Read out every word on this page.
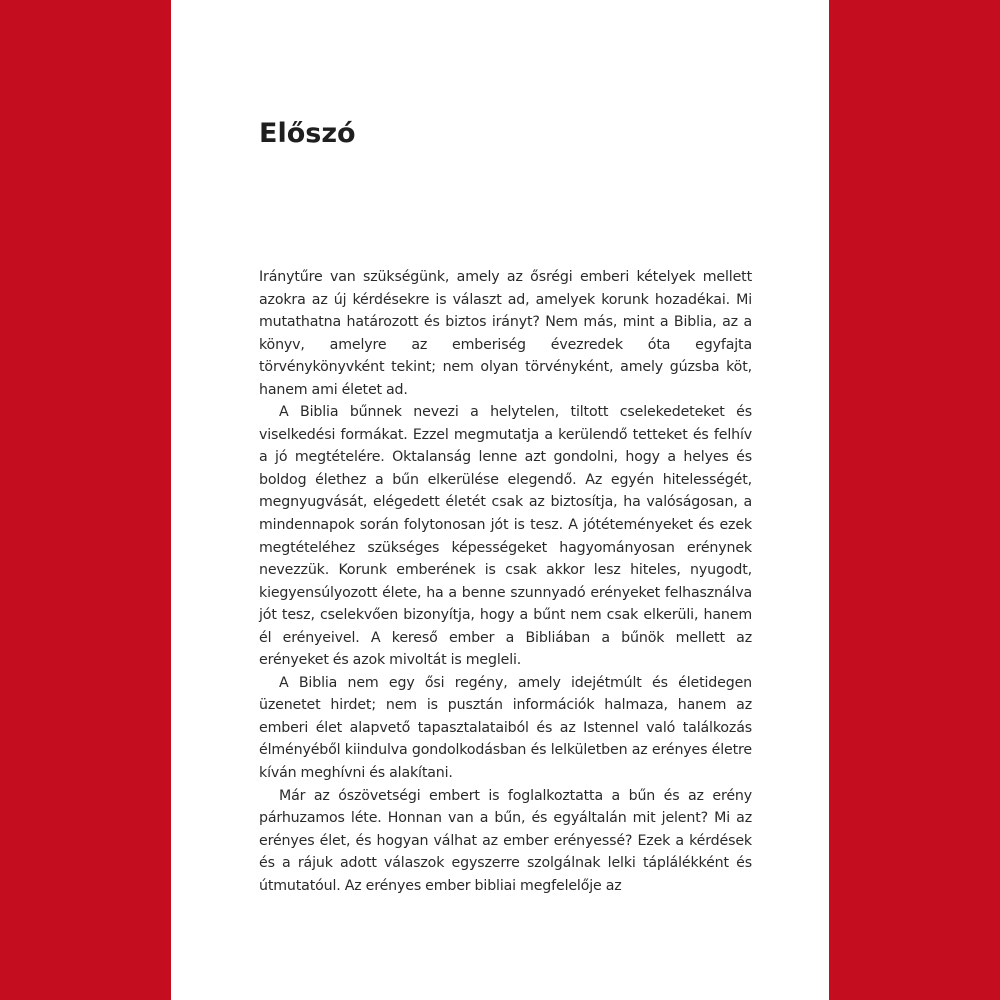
Előszó

Iránytűre van szükségünk, amely az ősrégi emberi kételyek mellett azokra az új kérdésekre is választ ad, amelyek korunk hozadékai. Mi mutathatna határozott és biztos irányt? Nem más, mint a Biblia, az a könyv, amelyre az emberiség évezredek óta egyfajta törvénykönyvként tekint; nem olyan törvényként, amely gúzsba köt, hanem ami életet ad.

A Biblia bűnnek nevezi a helytelen, tiltott cselekedeteket és viselkedési formákat. Ezzel megmutatja a kerülendő tetteket és felhív a jó megtételére. Oktalanság lenne azt gondolni, hogy a helyes és boldog élethez a bűn elkerülése elegendő. Az egyén hitelességét, megnyugvását, elégedett életét csak az biztosítja, ha valóságosan, a mindennapok során folytonosan jót is tesz. A jótéteményeket és ezek megtételéhez szükséges képességeket hagyományosan erénynek nevezzük. Korunk emberének is csak akkor lesz hiteles, nyugodt, kiegyensúlyozott élete, ha a benne szunnyadó erényeket felhasználva jót tesz, cselekvően bizonyítja, hogy a bűnt nem csak elkerüli, hanem él erényeivel. A kereső ember a Bibliában a bűnök mellett az erényeket és azok mivoltát is megleli.

A Biblia nem egy ősi regény, amely idejétmúlt és életidegen üzenetet hirdet; nem is pusztán információk halmaza, hanem az emberi élet alapvető tapasztalataiból és az Istennel való találkozás élményéből kiindulva gondolkodásban és lelkületben az erényes életre kíván meghívni és alakítani.

Már az ószövetségi embert is foglalkoztatta a bűn és az erény párhuzamos léte. Honnan van a bűn, és egyáltalán mit jelent? Mi az erényes élet, és hogyan válhat az ember erényessé? Ezek a kérdések és a rájuk adott válaszok egyszerre szolgálnak lelki táplálékként és útmutatóul. Az erényes ember bibliai megfelelője az
